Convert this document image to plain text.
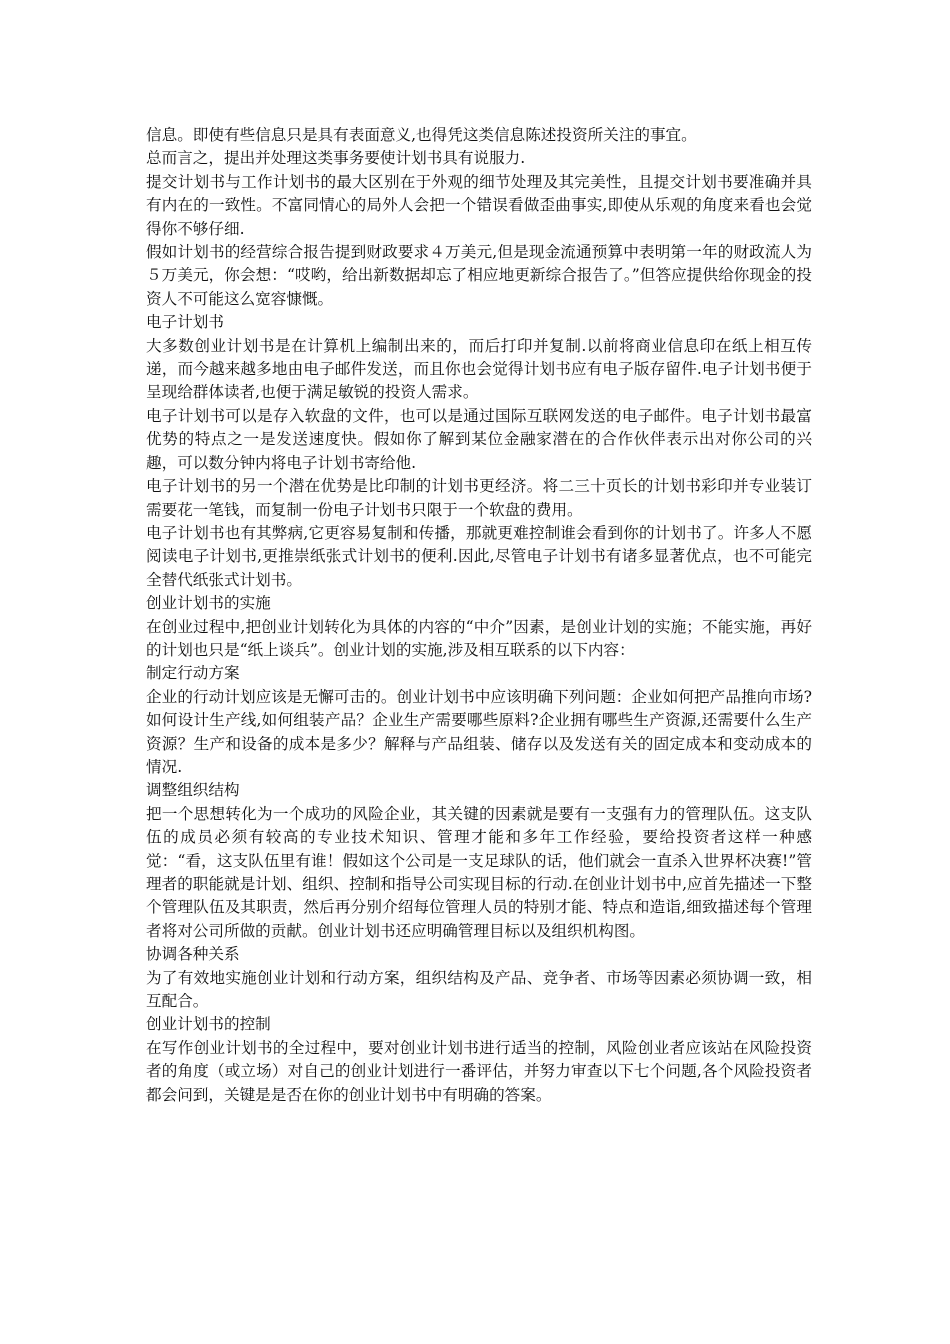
信息。即使有些信息只是具有表面意义,也得凭这类信息陈述投资所关注的事宜。

总而言之，提出并处理这类事务要使计划书具有说服力.

提交计划书与工作计划书的最大区别在于外观的细节处理及其完美性，且提交计划书要准确并具有内在的一致性。不富同情心的局外人会把一个错误看做歪曲事实,即使从乐观的角度来看也会觉得你不够仔细.

假如计划书的经营综合报告提到财政要求４万美元,但是现金流通预算中表明第一年的财政流人为５万美元，你会想：“哎哟，给出新数据却忘了相应地更新综合报告了。”但答应提供给你现金的投资人不可能这么宽容慷慨。

电子计划书

大多数创业计划书是在计算机上编制出来的，而后打印并复制.以前将商业信息印在纸上相互传递，而今越来越多地由电子邮件发送，而且你也会觉得计划书应有电子版存留件.电子计划书便于呈现给群体读者,也便于满足敏锐的投资人需求。

电子计划书可以是存入软盘的文件，也可以是通过国际互联网发送的电子邮件。电子计划书最富优势的特点之一是发送速度快。假如你了解到某位金融家潜在的合作伙伴表示出对你公司的兴趣，可以数分钟内将电子计划书寄给他.

电子计划书的另一个潜在优势是比印制的计划书更经济。将二三十页长的计划书彩印并专业装订需要花一笔钱，而复制一份电子计划书只限于一个软盘的费用。

电子计划书也有其弊病,它更容易复制和传播，那就更难控制谁会看到你的计划书了。许多人不愿阅读电子计划书,更推崇纸张式计划书的便利.因此,尽管电子计划书有诸多显著优点，也不可能完全替代纸张式计划书。

创业计划书的实施

在创业过程中,把创业计划转化为具体的内容的“中介”因素，是创业计划的实施；不能实施，再好的计划也只是“纸上谈兵”。创业计划的实施,涉及相互联系的以下内容：

制定行动方案

企业的行动计划应该是无懈可击的。创业计划书中应该明确下列问题：企业如何把产品推向市场?如何设计生产线,如何组装产品？企业生产需要哪些原料?企业拥有哪些生产资源,还需要什么生产资源？生产和设备的成本是多少？解释与产品组装、储存以及发送有关的固定成本和变动成本的情况.

调整组织结构

把一个思想转化为一个成功的风险企业，其关键的因素就是要有一支强有力的管理队伍。这支队伍的成员必须有较高的专业技术知识、管理才能和多年工作经验，要给投资者这样一种感觉：“看，这支队伍里有谁！假如这个公司是一支足球队的话，他们就会一直杀入世界杯决赛!”管理者的职能就是计划、组织、控制和指导公司实现目标的行动.在创业计划书中,应首先描述一下整个管理队伍及其职责，然后再分别介绍每位管理人员的特别才能、特点和造诣,细致描述每个管理者将对公司所做的贡献。创业计划书还应明确管理目标以及组织机构图。

协调各种关系

为了有效地实施创业计划和行动方案，组织结构及产品、竞争者、市场等因素必须协调一致，相互配合。

创业计划书的控制

在写作创业计划书的全过程中，要对创业计划书进行适当的控制，风险创业者应该站在风险投资者的角度（或立场）对自己的创业计划进行一番评估，并努力审查以下七个问题,各个风险投资者都会问到，关键是是否在你的创业计划书中有明确的答案。
